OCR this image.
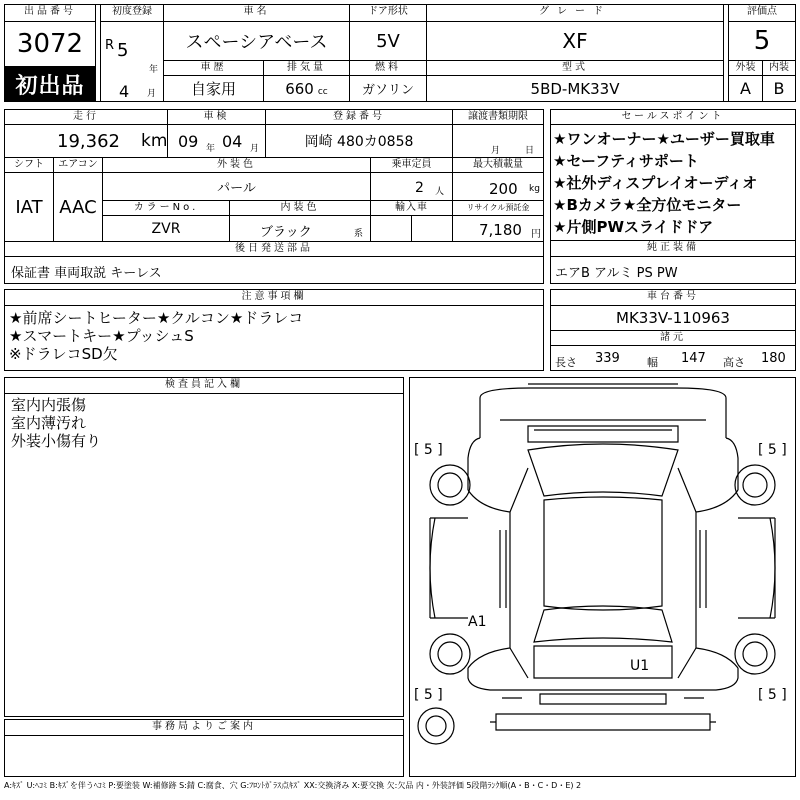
出品番号
3072
初出品
初度登録
R 5
年
4 月
車名
スペーシアベース
ドア形状
5V
グレード
XF
評価点
5
車歴
自家用
排気量
660 cc
燃料
ガソリン
型式
5BD-MK33V
外装
A
内装
B
走行
19,362 km
車検
09 年 04 月
登録番号
岡崎 480カ0858
譲渡書類期限
月	日
シフト
IAT
エアコン
AAC
外装色
パール
乗車定員
2 人
最大積載量
200 kg
カラーNo.
ZVR
内装色
ブラック	系
輸入車	リサイクル預託金
7,180 円
後日発送部品
保証書 車両取説 キーレス
セールスポイント
★ワンオーナー★ユーザー買取車
★セーフティサポート
★社外ディスプレイオーディオ
★Bカメラ★全方位モニター
★片側PWスライドドア
純正装備
エアB アルミ PS PW
注意事項欄
★前席シートヒーター★クルコン★ドラレコ
★スマートキー★プッシュS
※ドラレコSD欠
車台番号
MK33V-110963
諸元
長さ 339 幅 147 高さ 180
検査員記入欄
室内内張傷
室内薄汚れ
外装小傷有り
事務局よりご案内
[ 5 ]	[ 5 ]
[ 5 ]	[ 5 ]
A1
U1
A:ｷｽﾞ U:ﾍｺﾐ B:ｷｽﾞを伴うﾍｺﾐ P:要塗装 W:補修跡 S:錆 C:腐食、穴 G:ﾌﾛﾝﾄｶﾞﾗｽ点ｷｽﾞ XX:交換済み X:要交換 欠:欠品 内・外装評価 5段階ﾗﾝｸ順(A・B・C・D・E) 2
